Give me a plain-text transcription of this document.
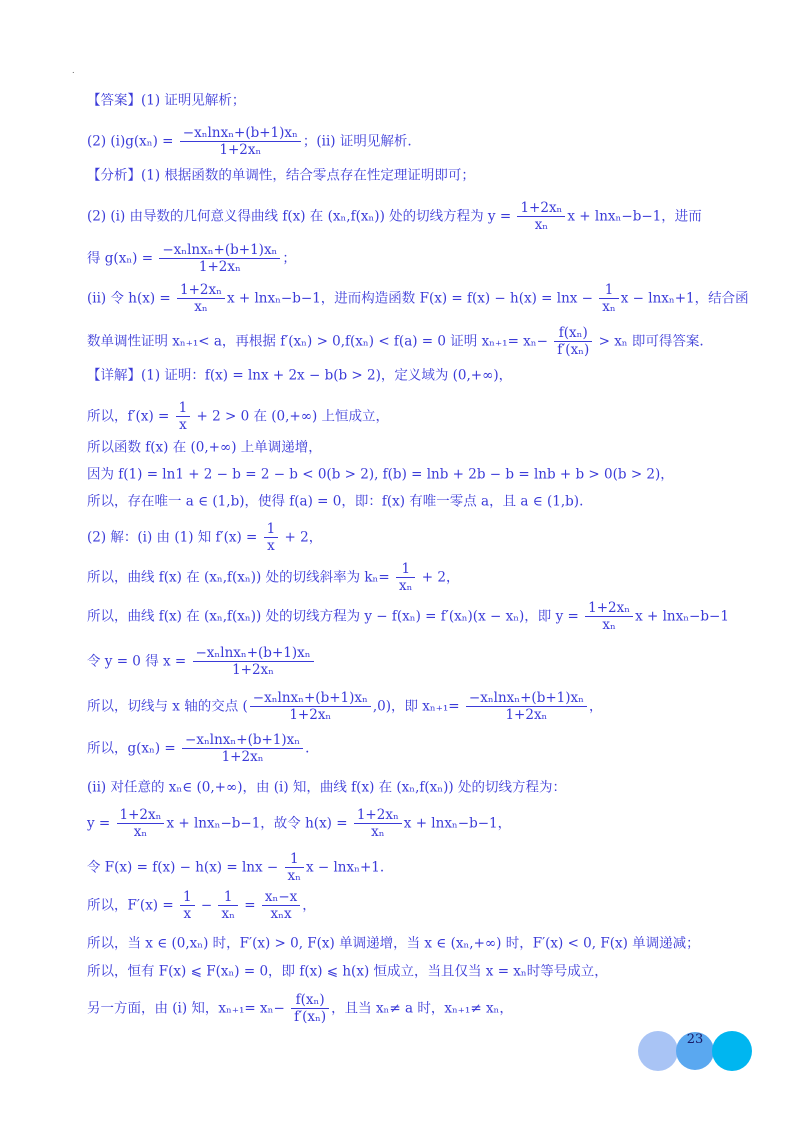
.
【答案】(1) 证明见解析；
(2) $(i)g(x_n) = \frac{\text{−xₙlnxₙ+(b+1)xₙ}}{\text{1+2xₙ}}$ ；(ii) 证明见解析.
【分析】(1) 根据函数的单调性，结合零点存在性定理证明即可；
(2) (i) 由导数的几何意义得曲线 f(x) 在 (xₙ,f(xₙ)) 处的切线方程为 $y = \frac{\text{1+2xₙ}}{\text{xₙ}}$ x + lnxₙ−b−1，进而
得 $g(x_n) = \frac{\text{−xₙlnxₙ+(b+1)xₙ}}{\text{1+2xₙ}}$ ；
(ii) 令 $h(x) = \frac{\text{1+2xₙ}}{\text{xₙ}}$ x + lnxₙ−b−1，进而构造函数 $F(x) = f(x) - h(x) = \ln x - \frac{1}{\text{xₙ}}$ x − lnxₙ+1，结合函
数单调性证明 xₙ₊₁< a，再根据 f′(xₙ) > 0,f(xₙ) < f(a) = 0 证明 $x_{n+1}= x_n- \frac{\text{f(xₙ)}}{\text{f′(xₙ)}} > x_n$ 即可得答案.
【详解】(1) 证明：f(x) = lnx + 2x − b(b > 2)，定义域为 (0,+∞)，
所以，$f'(x) = \frac{1}{x} + 2 > 0$ 在 (0,+∞) 上恒成立，
所以函数 f(x) 在 (0,+∞) 上单调递增，
因为 f(1) = ln1 + 2 − b = 2 − b < 0(b > 2), f(b) = lnb + 2b − b = lnb + b > 0(b > 2)，
所以，存在唯一 a ∈ (1,b)，使得 f(a) = 0，即：f(x) 有唯一零点 a，且 a ∈ (1,b).
(2) 解：(i) 由 (1) 知 $f'(x) = \frac{1}{x} + 2$，
所以，曲线 f(x) 在 (xₙ,f(xₙ)) 处的切线斜率为 $k_n= \frac{1}{\text{xₙ}} + 2$，
所以，曲线 f(x) 在 (xₙ,f(xₙ)) 处的切线方程为 y − f(xₙ) = f′(xₙ)(x − xₙ)，即 $y = \frac{\text{1+2xₙ}}{\text{xₙ}}$ x + lnxₙ−b−1
令 y = 0 得 $x = \frac{\text{−xₙlnxₙ+(b+1)xₙ}}{\text{1+2xₙ}}$
所以，切线与 x 轴的交点 ( $\frac{\text{−xₙlnxₙ+(b+1)xₙ}}{\text{1+2xₙ}} ,0$)，即 $x_{n+1}= \frac{\text{−xₙlnxₙ+(b+1)xₙ}}{\text{1+2xₙ}}$ ，
所以，$g(x_n) = \frac{\text{−xₙlnxₙ+(b+1)xₙ}}{\text{1+2xₙ}}$ .
(ii) 对任意的 xₙ∈ (0,+∞)，由 (i) 知，曲线 f(x) 在 (xₙ,f(xₙ)) 处的切线方程为：
$y = \frac{\text{1+2xₙ}}{\text{xₙ}}$ x + lnxₙ−b−1，故令 $h(x) = \frac{\text{1+2xₙ}}{\text{xₙ}}$ x + lnxₙ−b−1，
令 $F(x) = f(x) - h(x) = \ln x - \frac{1}{\text{xₙ}}$ x − lnxₙ+1.
所以，$F'(x) = \frac{1}{x} - \frac{1}{\text{xₙ}} = \frac{\text{xₙ−x}}{\text{xₙx}}$ ，
所以，当 x ∈ (0,xₙ) 时，F′(x) > 0, F(x) 单调递增，当 x ∈ (xₙ,+∞) 时，F′(x) < 0, F(x) 单调递减；
所以，恒有 F(x) ⩽ F(xₙ) = 0，即 f(x) ⩽ h(x) 恒成立，当且仅当 x = xₙ时等号成立，
另一方面，由 (i) 知，$x_{n+1}= x_n- \frac{\text{f(xₙ)}}{\text{f′(xₙ)}}$ ，且当 xₙ≠ a 时，xₙ₊₁≠ xₙ，
23
